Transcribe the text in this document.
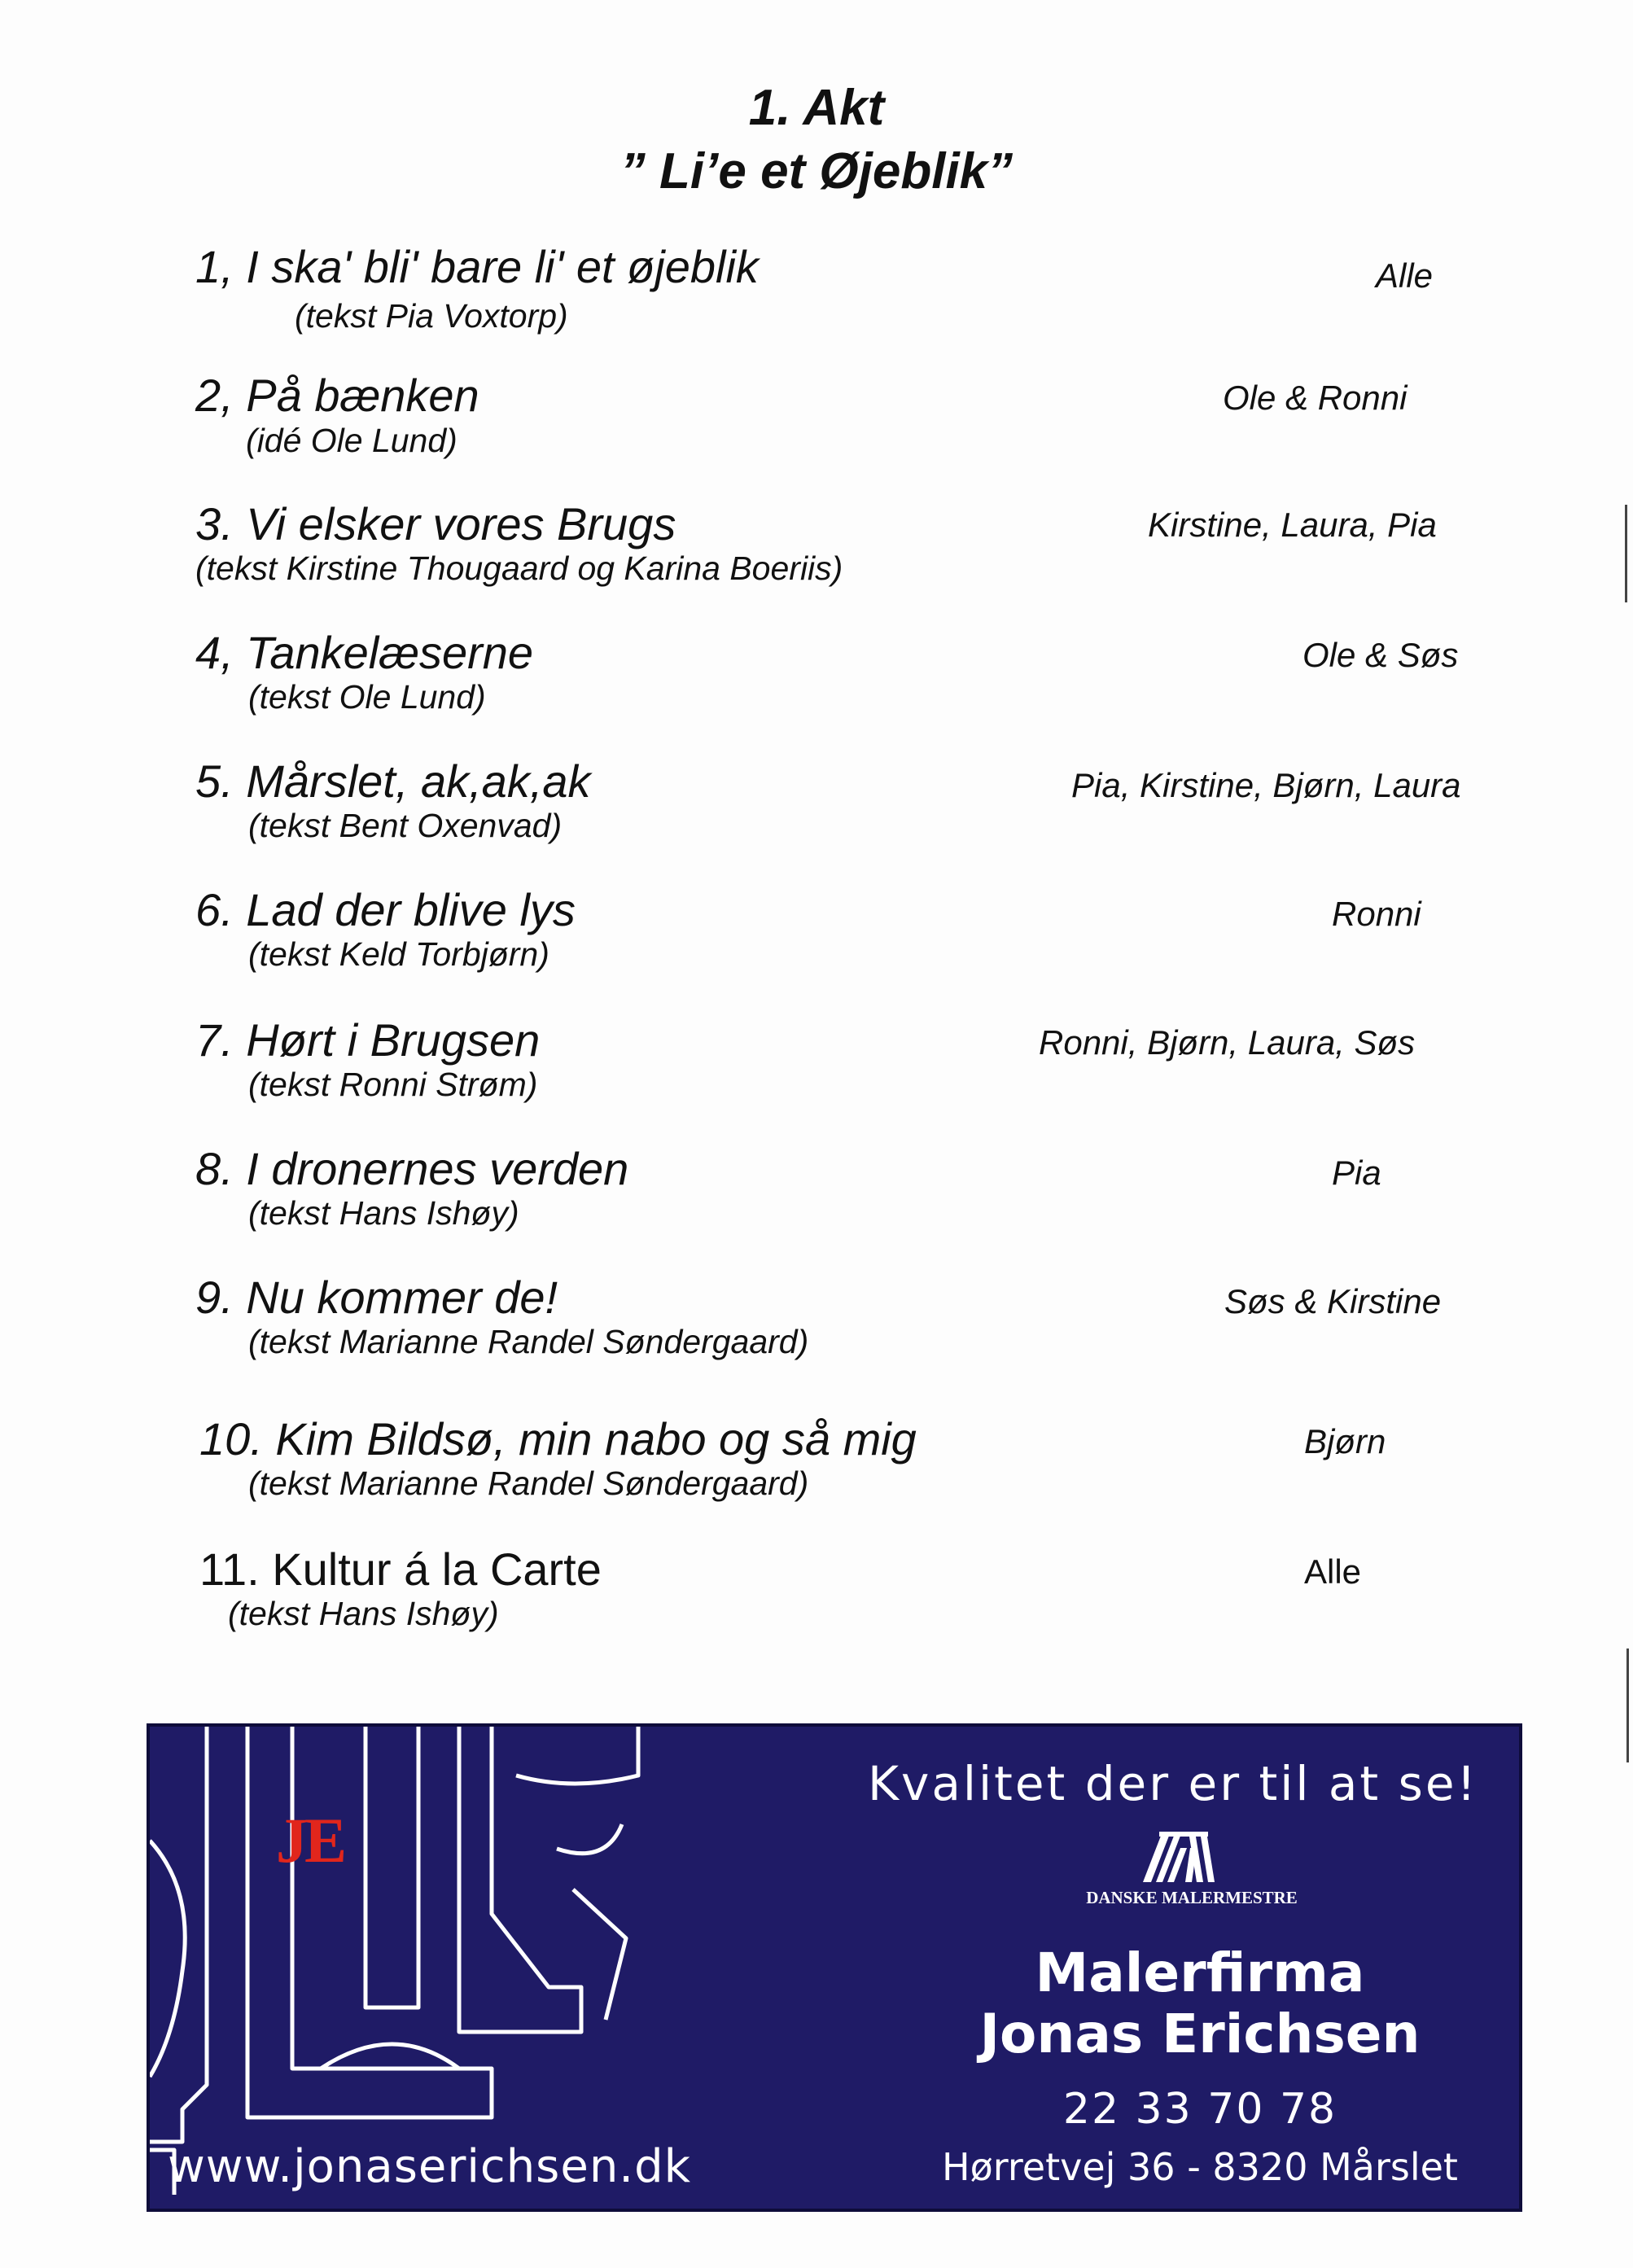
1. Akt
” Li’e et Øjeblik”
1, I ska' bli' bare li' et øjeblik
(tekst Pia Voxtorp)
Alle
2, På bænken
(idé Ole Lund)
Ole & Ronni
3. Vi elsker vores Brugs
(tekst Kirstine Thougaard og Karina Boeriis)
Kirstine, Laura, Pia
4, Tankelæserne
(tekst Ole Lund)
Ole & Søs
5. Mårslet, ak,ak,ak
(tekst Bent Oxenvad)
Pia, Kirstine, Bjørn, Laura
6. Lad der blive lys
(tekst Keld Torbjørn)
Ronni
7. Hørt i Brugsen
(tekst Ronni Strøm)
Ronni, Bjørn, Laura, Søs
8. I dronernes verden
(tekst Hans Ishøy)
Pia
9. Nu kommer de!
(tekst Marianne Randel Søndergaard)
Søs & Kirstine
10. Kim Bildsø, min nabo og så mig
(tekst Marianne Randel Søndergaard)
Bjørn
11. Kultur á la Carte
(tekst Hans Ishøy)
Alle
JE
Kvalitet der er til at se!
DANSKE MALERMESTRE
Malerfirma
Jonas Erichsen
22 33 70 78
Hørretvej 36 - 8320 Mårslet
www.jonaserichsen.dk
